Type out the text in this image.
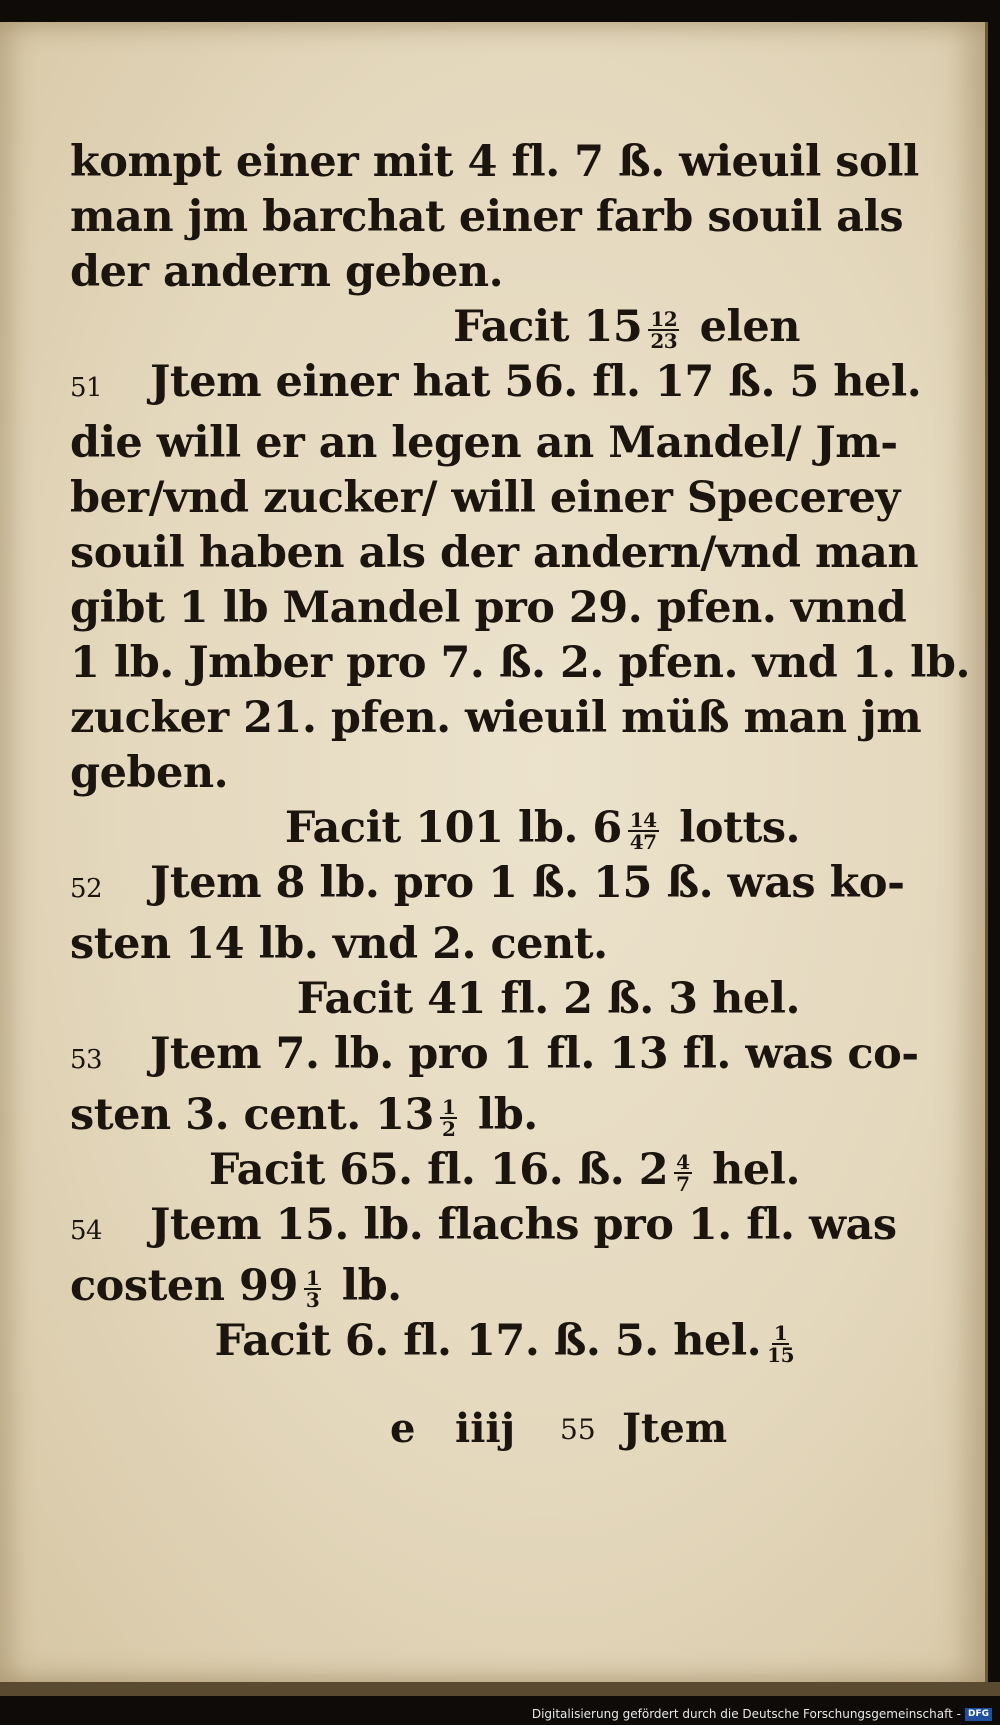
kompt einer mit 4 fl. 7 ß. wieuil soll
man jm barchat einer farb souil als
der andern geben.
Facit $15 \frac{12}{23}$ elen
51 Jtem einer hat 56. fl. 17 ß. 5 hel.
die will er an legen an Mandel/ Jm-
ber/vnd zucker/ will einer Specerey
souil haben als der andern/vnd man
gibt 1 lb Mandel pro 29. pfen. vnnd
1 lb. Jmber pro 7. ß. 2. pfen. vnd 1. lb.
zucker 21. pfen. wieuil müß man jm
geben.
Facit 101 lb. $6 \frac{14}{47}$ lotts.
52 Jtem 8 lb. pro 1 ß. 15 ß. was ko-
sten 14 lb. vnd 2. cent.
Facit 41 fl. 2 ß. 3 hel.
53 Jtem 7. lb. pro 1 fl. 13 fl. was co-
sten 3. cent. $13 \frac{1}{2}$ lb.
Facit 65. fl. 16. ß. $2 \frac{4}{7}$ hel.
54 Jtem 15. lb. flachs pro 1. fl. was
costen $99 \frac{1}{3}$ lb.
Facit 6. fl. 17. ß. 5. hel. $\frac{1}{15}$
e iiij 55 Jtem
Digitalisierung gefördert durch die Deutsche Forschungsgemeinschaft - DFG
